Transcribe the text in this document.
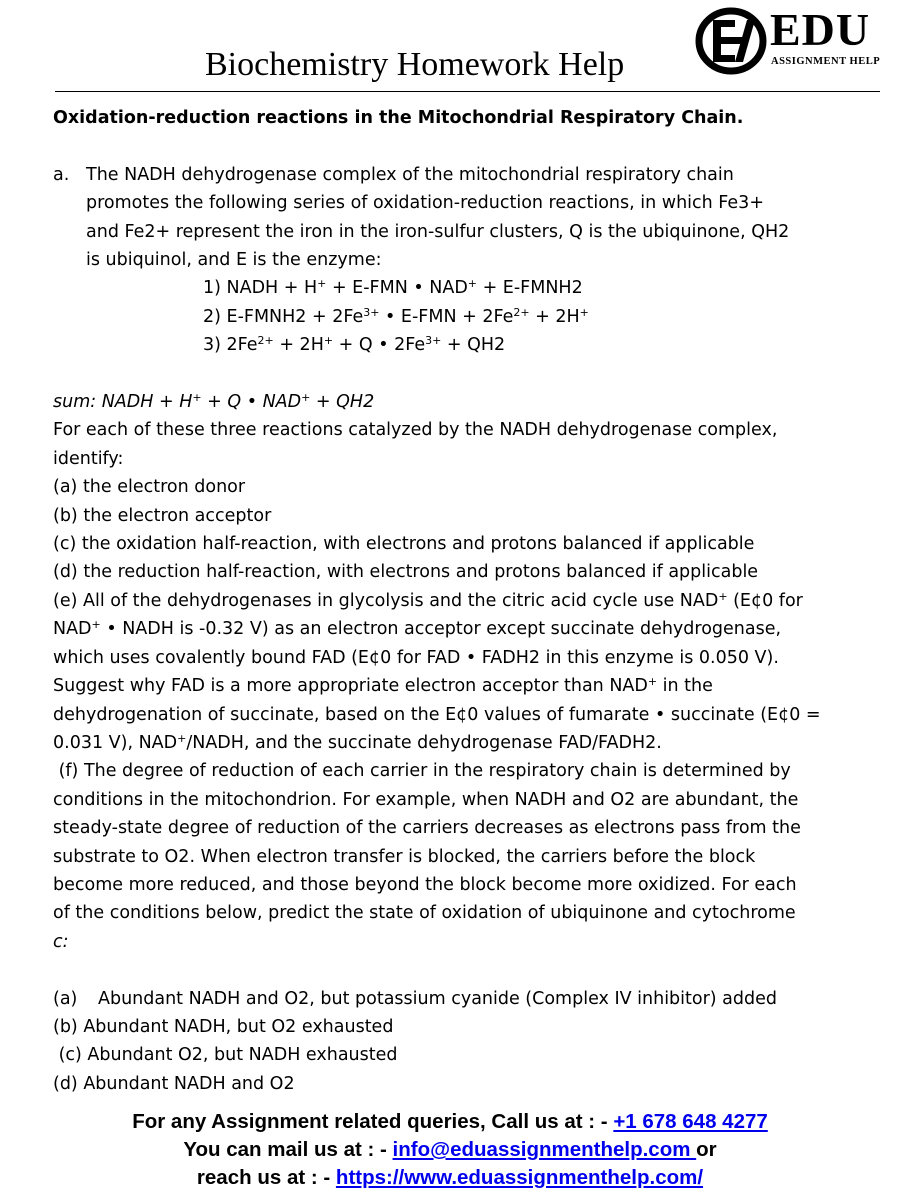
Biochemistry Homework Help
EDU
ASSIGNMENT HELP
Oxidation-reduction reactions in the Mitochondrial Respiratory Chain.
a. The NADH dehydrogenase complex of the mitochondrial respiratory chain
promotes the following series of oxidation-reduction reactions, in which Fe3+
and Fe2+ represent the iron in the iron-sulfur clusters, Q is the ubiquinone, QH2
is ubiquinol, and E is the enzyme:
1) NADH + H+ + E-FMN • NAD+ + E-FMNH2
2) E-FMNH2 + $2Fe^{3+}$ • $E-FMN + 2Fe^{2+} + 2H^+$
3) $2Fe^{2+} + 2H^+ + Q$ • $2Fe^{3+} + QH2$
sum: NADH + H+ + Q • NAD+ + QH2
For each of these three reactions catalyzed by the NADH dehydrogenase complex,
identify:
(a) the electron donor
(b) the electron acceptor
(c) the oxidation half-reaction, with electrons and protons balanced if applicable
(d) the reduction half-reaction, with electrons and protons balanced if applicable
(e) All of the dehydrogenases in glycolysis and the citric acid cycle use NAD+ (E¢0 for
NAD+ • NADH is -0.32 V) as an electron acceptor except succinate dehydrogenase,
which uses covalently bound FAD (E¢0 for FAD • FADH2 in this enzyme is 0.050 V).
Suggest why FAD is a more appropriate electron acceptor than NAD+ in the
dehydrogenation of succinate, based on the E¢0 values of fumarate • succinate (E¢0 =
0.031 V), NAD+/NADH, and the succinate dehydrogenase FAD/FADH2.
(f) The degree of reduction of each carrier in the respiratory chain is determined by
conditions in the mitochondrion. For example, when NADH and O2 are abundant, the
steady-state degree of reduction of the carriers decreases as electrons pass from the
substrate to O2. When electron transfer is blocked, the carriers before the block
become more reduced, and those beyond the block become more oxidized. For each
of the conditions below, predict the state of oxidation of ubiquinone and cytochrome
c:
(a) Abundant NADH and O2, but potassium cyanide (Complex IV inhibitor) added
(b) Abundant NADH, but O2 exhausted
(c) Abundant O2, but NADH exhausted
(d) Abundant NADH and O2
For any Assignment related queries, Call us at : - +1 678 648 4277
You can mail us at : - info@eduassignmenthelp.com or
reach us at : - https://www.eduassignmenthelp.com/
